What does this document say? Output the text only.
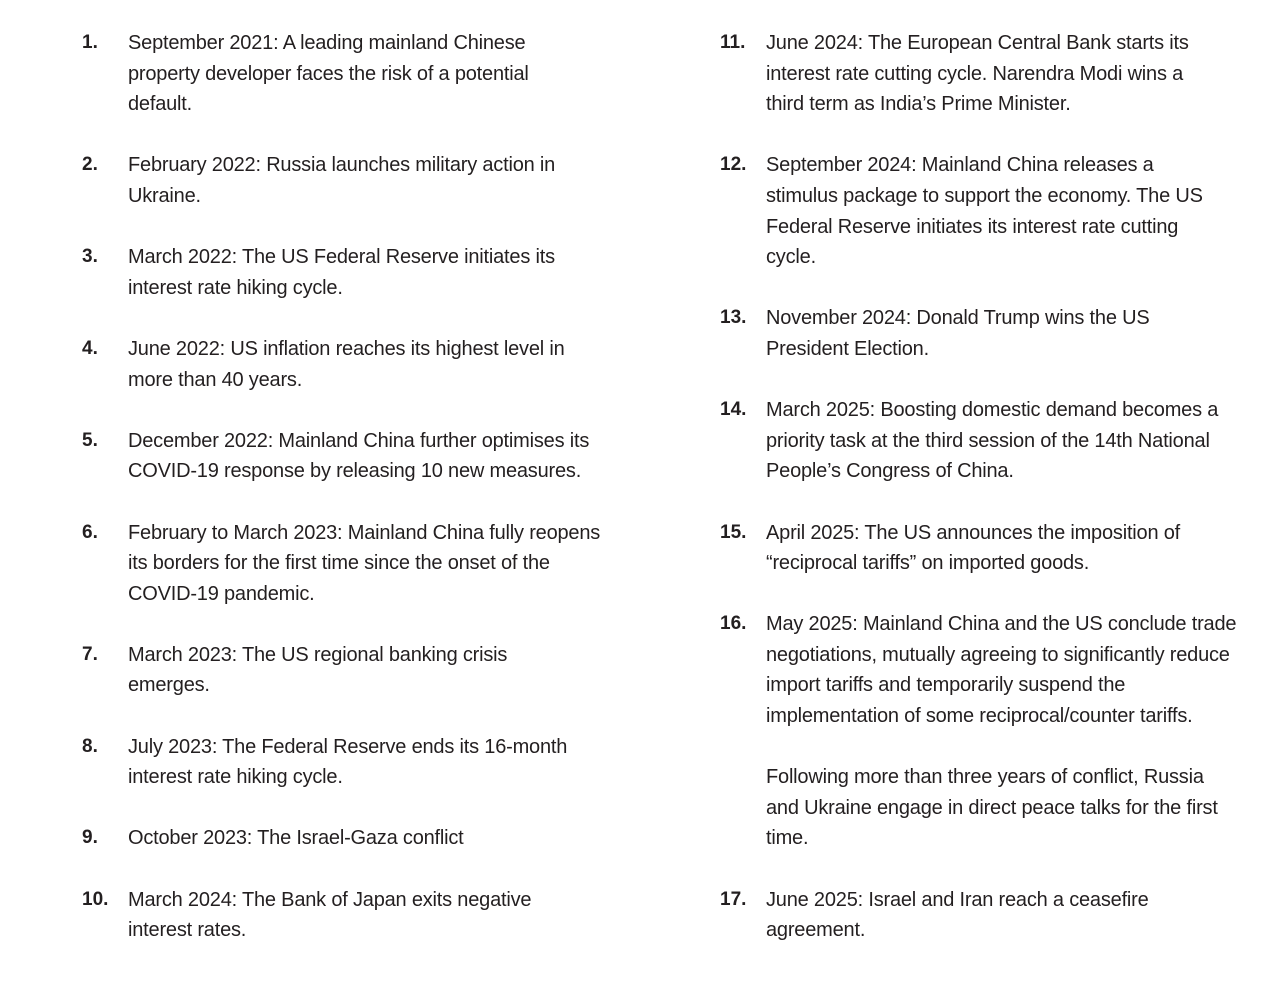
1.	September 2021: A leading mainland Chinese property developer faces the risk of a potential default.
2.	February 2022: Russia launches military action in Ukraine.
3.	March 2022: The US Federal Reserve initiates its interest rate hiking cycle.
4.	June 2022: US inflation reaches its highest level in more than 40 years.
5.	December 2022: Mainland China further optimises its COVID-19 response by releasing 10 new measures.
6.	February to March 2023: Mainland China fully reopens its borders for the first time since the onset of the COVID-19 pandemic.
7.	March 2023: The US regional banking crisis emerges.
8.	July 2023: The Federal Reserve ends its 16-month interest rate hiking cycle.
9.	October 2023: The Israel-Gaza conflict
10. March 2024: The Bank of Japan exits negative interest rates.
11.	June 2024: The European Central Bank starts its interest rate cutting cycle. Narendra Modi wins a third term as India’s Prime Minister.
12. September 2024: Mainland China releases a stimulus package to support the economy. The US Federal Reserve initiates its interest rate cutting cycle.
13. November 2024: Donald Trump wins the US President Election.
14. March 2025: Boosting domestic demand becomes a priority task at the third session of the 14th National People’s Congress of China.
15. April 2025: The US announces the imposition of “reciprocal tariffs” on imported goods.
16. May 2025: Mainland China and the US conclude trade negotiations, mutually agreeing to significantly reduce import tariffs and temporarily suspend the implementation of some reciprocal/counter tariffs.
Following more than three years of conflict, Russia and Ukraine engage in direct peace talks for the first time.
17. June 2025: Israel and Iran reach a ceasefire agreement.
